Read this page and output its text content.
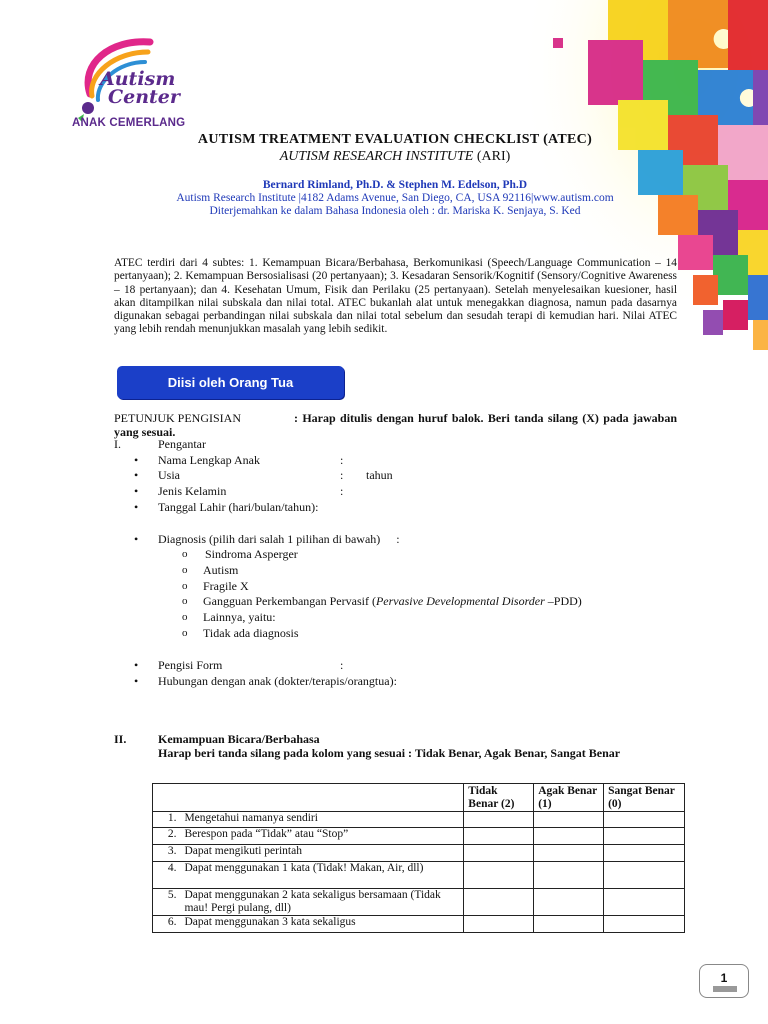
Autism
Center
ANAK CEMERLANG
AUTISM TREATMENT EVALUATION CHECKLIST (ATEC)
AUTISM RESEARCH INSTITUTE (ARI)
Bernard Rimland, Ph.D. & Stephen M. Edelson, Ph.D
Autism Research Institute |4182 Adams Avenue, San Diego, CA, USA 92116|www.autism.com
Diterjemahkan ke dalam Bahasa Indonesia oleh : dr. Mariska K. Senjaya, S. Ked
ATEC terdiri dari 4 subtes: 1. Kemampuan Bicara/Berbahasa, Berkomunikasi (Speech/Language Communication – 14 pertanyaan); 2. Kemampuan Bersosialisasi (20 pertanyaan); 3. Kesadaran Sensorik/Kognitif (Sensory/Cognitive Awareness – 18 pertanyaan); dan 4. Kesehatan Umum, Fisik dan Perilaku (25 pertanyaan). Setelah menyelesaikan kuesioner, hasil akan ditampilkan nilai subskala dan nilai total. ATEC bukanlah alat untuk menegakkan diagnosa, namun pada dasarnya digunakan sebagai perbandingan nilai subskala dan nilai total sebelum dan sesudah terapi di kemudian hari. Nilai ATEC yang lebih rendah menunjukkan masalah yang lebih sedikit.
Diisi oleh Orang Tua
PETUNJUK PENGISIAN	: Harap ditulis dengan huruf balok. Beri tanda silang (X) pada jawaban yang sesuai.
I.	Pengantar
• Nama Lengkap Anak	:
• Usia	: tahun
• Jenis Kelamin	:
• Tanggal Lahir (hari/bulan/tahun):
• Diagnosis (pilih dari salah 1 pilihan di bawah) :
o Sindroma Asperger
o Autism
o Fragile X
o Gangguan Perkembangan Pervasif (Pervasive Developmental Disorder –PDD)
o Lainnya, yaitu:
o Tidak ada diagnosis
• Pengisi Form	:
• Hubungan dengan anak (dokter/terapis/orangtua):
II.	Kemampuan Bicara/Berbahasa
Harap beri tanda silang pada kolom yang sesuai : Tidak Benar, Agak Benar, Sangat Benar
		Tidak Benar (2)	Agak Benar (1)	Sangat Benar (0)
1.	Mengetahui namanya sendiri			
2.	Berespon pada “Tidak” atau “Stop”			
3.	Dapat mengikuti perintah			
4.	Dapat menggunakan 1 kata (Tidak! Makan, Air, dll)			
5.	Dapat menggunakan 2 kata sekaligus bersamaan (Tidak mau! Pergi pulang, dll)			
6.	Dapat menggunakan 3 kata sekaligus			
1
